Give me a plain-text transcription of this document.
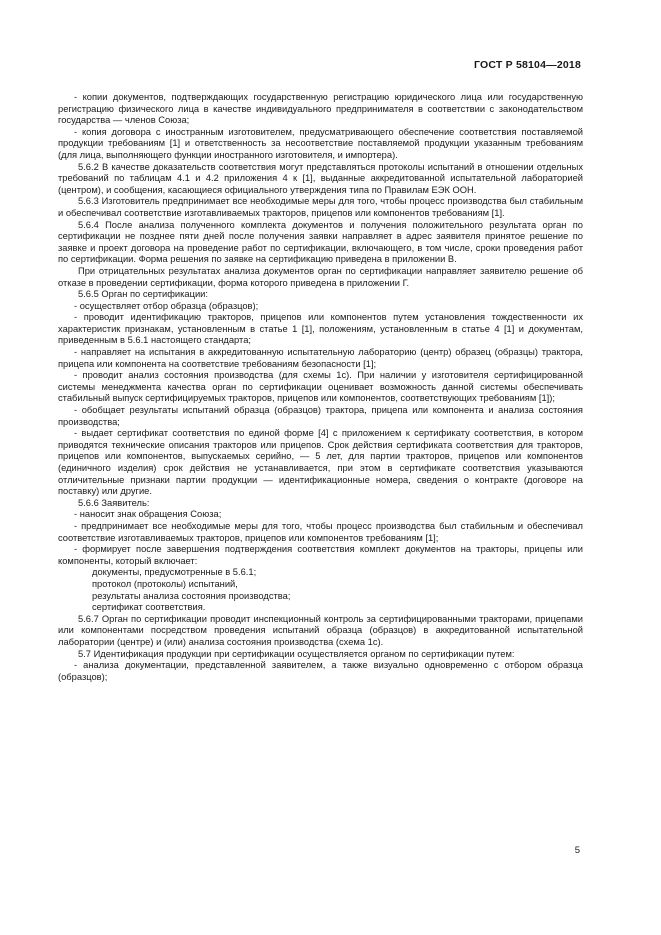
ГОСТ Р 58104—2018

- копии документов, подтверждающих государственную регистрацию юридического лица или государственную регистрацию физического лица в качестве индивидуального предпринимателя в соответствии с законодательством государства — членов Союза;

- копия договора с иностранным изготовителем, предусматривающего обеспечение соответствия поставляемой продукции требованиям [1] и ответственность за несоответствие поставляемой продукции указанным требованиям (для лица, выполняющего функции иностранного изготовителя, и импортера).

5.6.2 В качестве доказательств соответствия могут представляться протоколы испытаний в отношении отдельных требований по таблицам 4.1 и 4.2 приложения 4 к [1], выданные аккредитованной испытательной лабораторией (центром), и сообщения, касающиеся официального утверждения типа по Правилам ЕЭК ООН.

5.6.3 Изготовитель предпринимает все необходимые меры для того, чтобы процесс производства был стабильным и обеспечивал соответствие изготавливаемых тракторов, прицепов или компонентов требованиям [1].

5.6.4 После анализа полученного комплекта документов и получения положительного результата орган по сертификации не позднее пяти дней после получения заявки направляет в адрес заявителя принятое решение по заявке и проект договора на проведение работ по сертификации, включающего, в том числе, сроки проведения работ по сертификации. Форма решения по заявке на сертификацию приведена в приложении В.

При отрицательных результатах анализа документов орган по сертификации направляет заявителю решение об отказе в проведении сертификации, форма которого приведена в приложении Г.

5.6.5 Орган по сертификации:

- осуществляет отбор образца (образцов);

- проводит идентификацию тракторов, прицепов или компонентов путем установления тождественности их характеристик признакам, установленным в статье 1 [1], положениям, установленным в статье 4 [1] и документам, приведенным в 5.6.1 настоящего стандарта;

- направляет на испытания в аккредитованную испытательную лабораторию (центр) образец (образцы) трактора, прицепа или компонента на соответствие требованиям безопасности [1];

- проводит анализ состояния производства (для схемы 1с). При наличии у изготовителя сертифицированной системы менеджмента качества орган по сертификации оценивает возможность данной системы обеспечивать стабильный выпуск сертифицируемых тракторов, прицепов или компонентов, соответствующих требованиям [1]);

- обобщает результаты испытаний образца (образцов) трактора, прицепа или компонента и анализа состояния производства;

- выдает сертификат соответствия по единой форме [4] с приложением к сертификату соответствия, в котором приводятся технические описания тракторов или прицепов. Срок действия сертификата соответствия для тракторов, прицепов или компонентов, выпускаемых серийно, — 5 лет, для партии тракторов, прицепов или компонентов (единичного изделия) срок действия не устанавливается, при этом в сертификате соответствия указываются отличительные признаки партии продукции — идентификационные номера, сведения о контракте (договоре на поставку) или другие.

5.6.6 Заявитель:

- наносит знак обращения Союза;

- предпринимает все необходимые меры для того, чтобы процесс производства был стабильным и обеспечивал соответствие изготавливаемых тракторов, прицепов или компонентов требованиям [1];

- формирует после завершения подтверждения соответствия комплект документов на тракторы, прицепы или компоненты, который включает:

документы, предусмотренные в 5.6.1;

протокол (протоколы) испытаний,

результаты анализа состояния производства;

сертификат соответствия.

5.6.7 Орган по сертификации проводит инспекционный контроль за сертифицированными тракторами, прицепами или компонентами посредством проведения испытаний образца (образцов) в аккредитованной испытательной лаборатории (центре) и (или) анализа состояния производства (схема 1с).

5.7 Идентификация продукции при сертификации осуществляется органом по сертификации путем:

- анализа документации, представленной заявителем, а также визуально одновременно с отбором образца (образцов);

5
